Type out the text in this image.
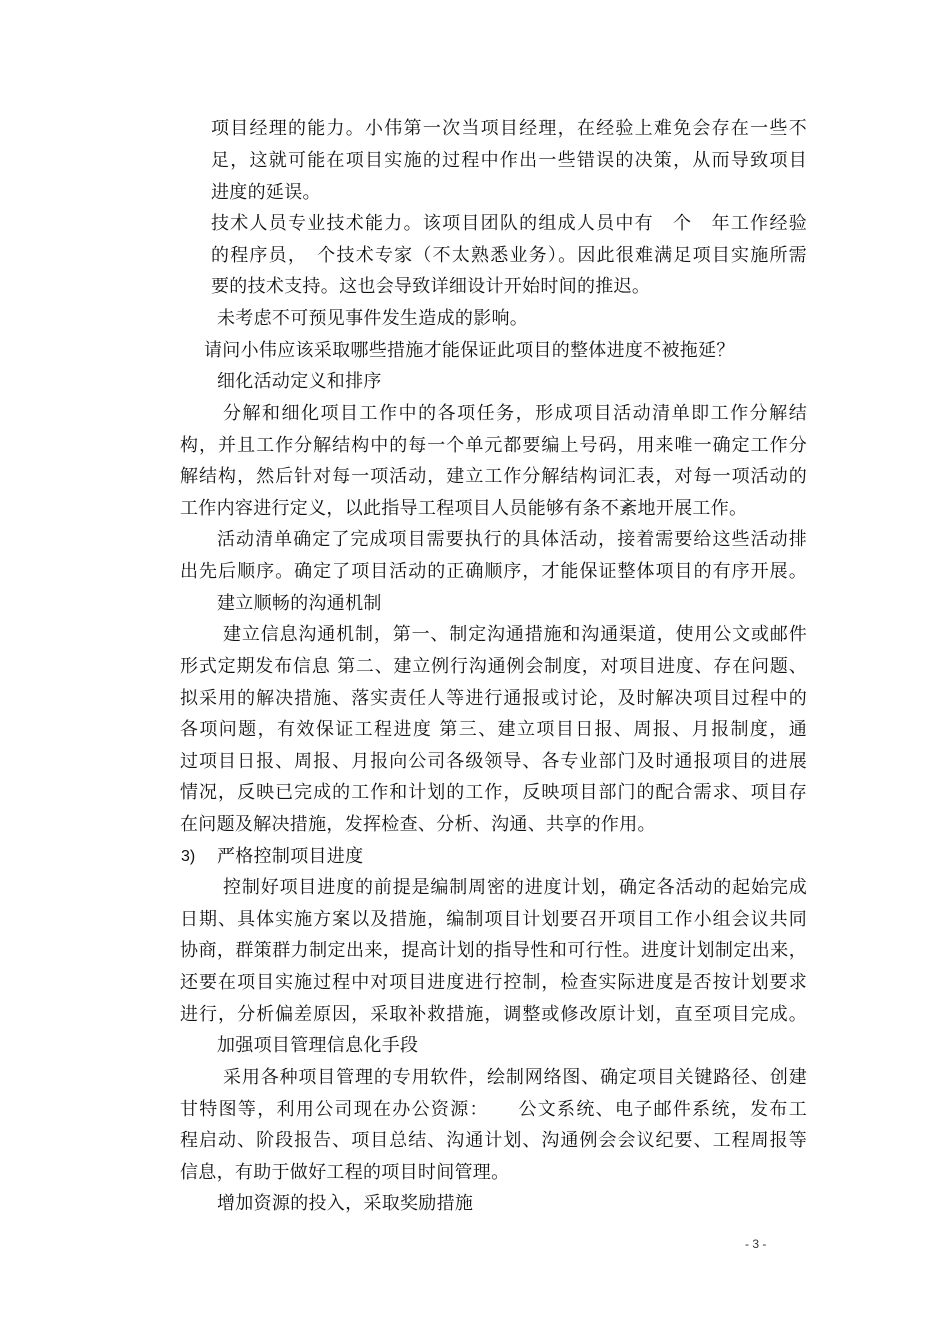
项目经理的能力。小伟第一次当项目经理，在经验上难免会存在一些不
足，这就可能在项目实施的过程中作出一些错误的决策，从而导致项目
进度的延误。
技术人员专业技术能力。该项目团队的组成人员中有　个　年工作经验
的程序员，　个技术专家（不太熟悉业务）。因此很难满足项目实施所需
要的技术支持。这也会导致详细设计开始时间的推迟。
未考虑不可预见事件发生造成的影响。
请问小伟应该采取哪些措施才能保证此项目的整体进度不被拖延？
细化活动定义和排序
分解和细化项目工作中的各项任务，形成项目活动清单即工作分解结
构，并且工作分解结构中的每一个单元都要编上号码，用来唯一确定工作分
解结构，然后针对每一项活动，建立工作分解结构词汇表，对每一项活动的
工作内容进行定义，以此指导工程项目人员能够有条不紊地开展工作。
活动清单确定了完成项目需要执行的具体活动，接着需要给这些活动排
出先后顺序。确定了项目活动的正确顺序，才能保证整体项目的有序开展。
建立顺畅的沟通机制
建立信息沟通机制，第一、制定沟通措施和沟通渠道，使用公文或邮件
形式定期发布信息 第二、建立例行沟通例会制度，对项目进度、存在问题、
拟采用的解决措施、落实责任人等进行通报或讨论，及时解决项目过程中的
各项问题，有效保证工程进度 第三、建立项目日报、周报、月报制度，通
过项目日报、周报、月报向公司各级领导、各专业部门及时通报项目的进展
情况，反映已完成的工作和计划的工作，反映项目部门的配合需求、项目存
在问题及解决措施，发挥检查、分析、沟通、共享的作用。
3) 严格控制项目进度
控制好项目进度的前提是编制周密的进度计划，确定各活动的起始完成
日期、具体实施方案以及措施，编制项目计划要召开项目工作小组会议共同
协商，群策群力制定出来，提高计划的指导性和可行性。进度计划制定出来，
还要在项目实施过程中对项目进度进行控制，检查实际进度是否按计划要求
进行，分析偏差原因，采取补救措施，调整或修改原计划，直至项目完成。
加强项目管理信息化手段
采用各种项目管理的专用软件，绘制网络图、确定项目关键路径、创建
甘特图等，利用公司现在办公资源：　　公文系统、电子邮件系统，发布工
程启动、阶段报告、项目总结、沟通计划、沟通例会会议纪要、工程周报等
信息，有助于做好工程的项目时间管理。
增加资源的投入，采取奖励措施
- 3 -
